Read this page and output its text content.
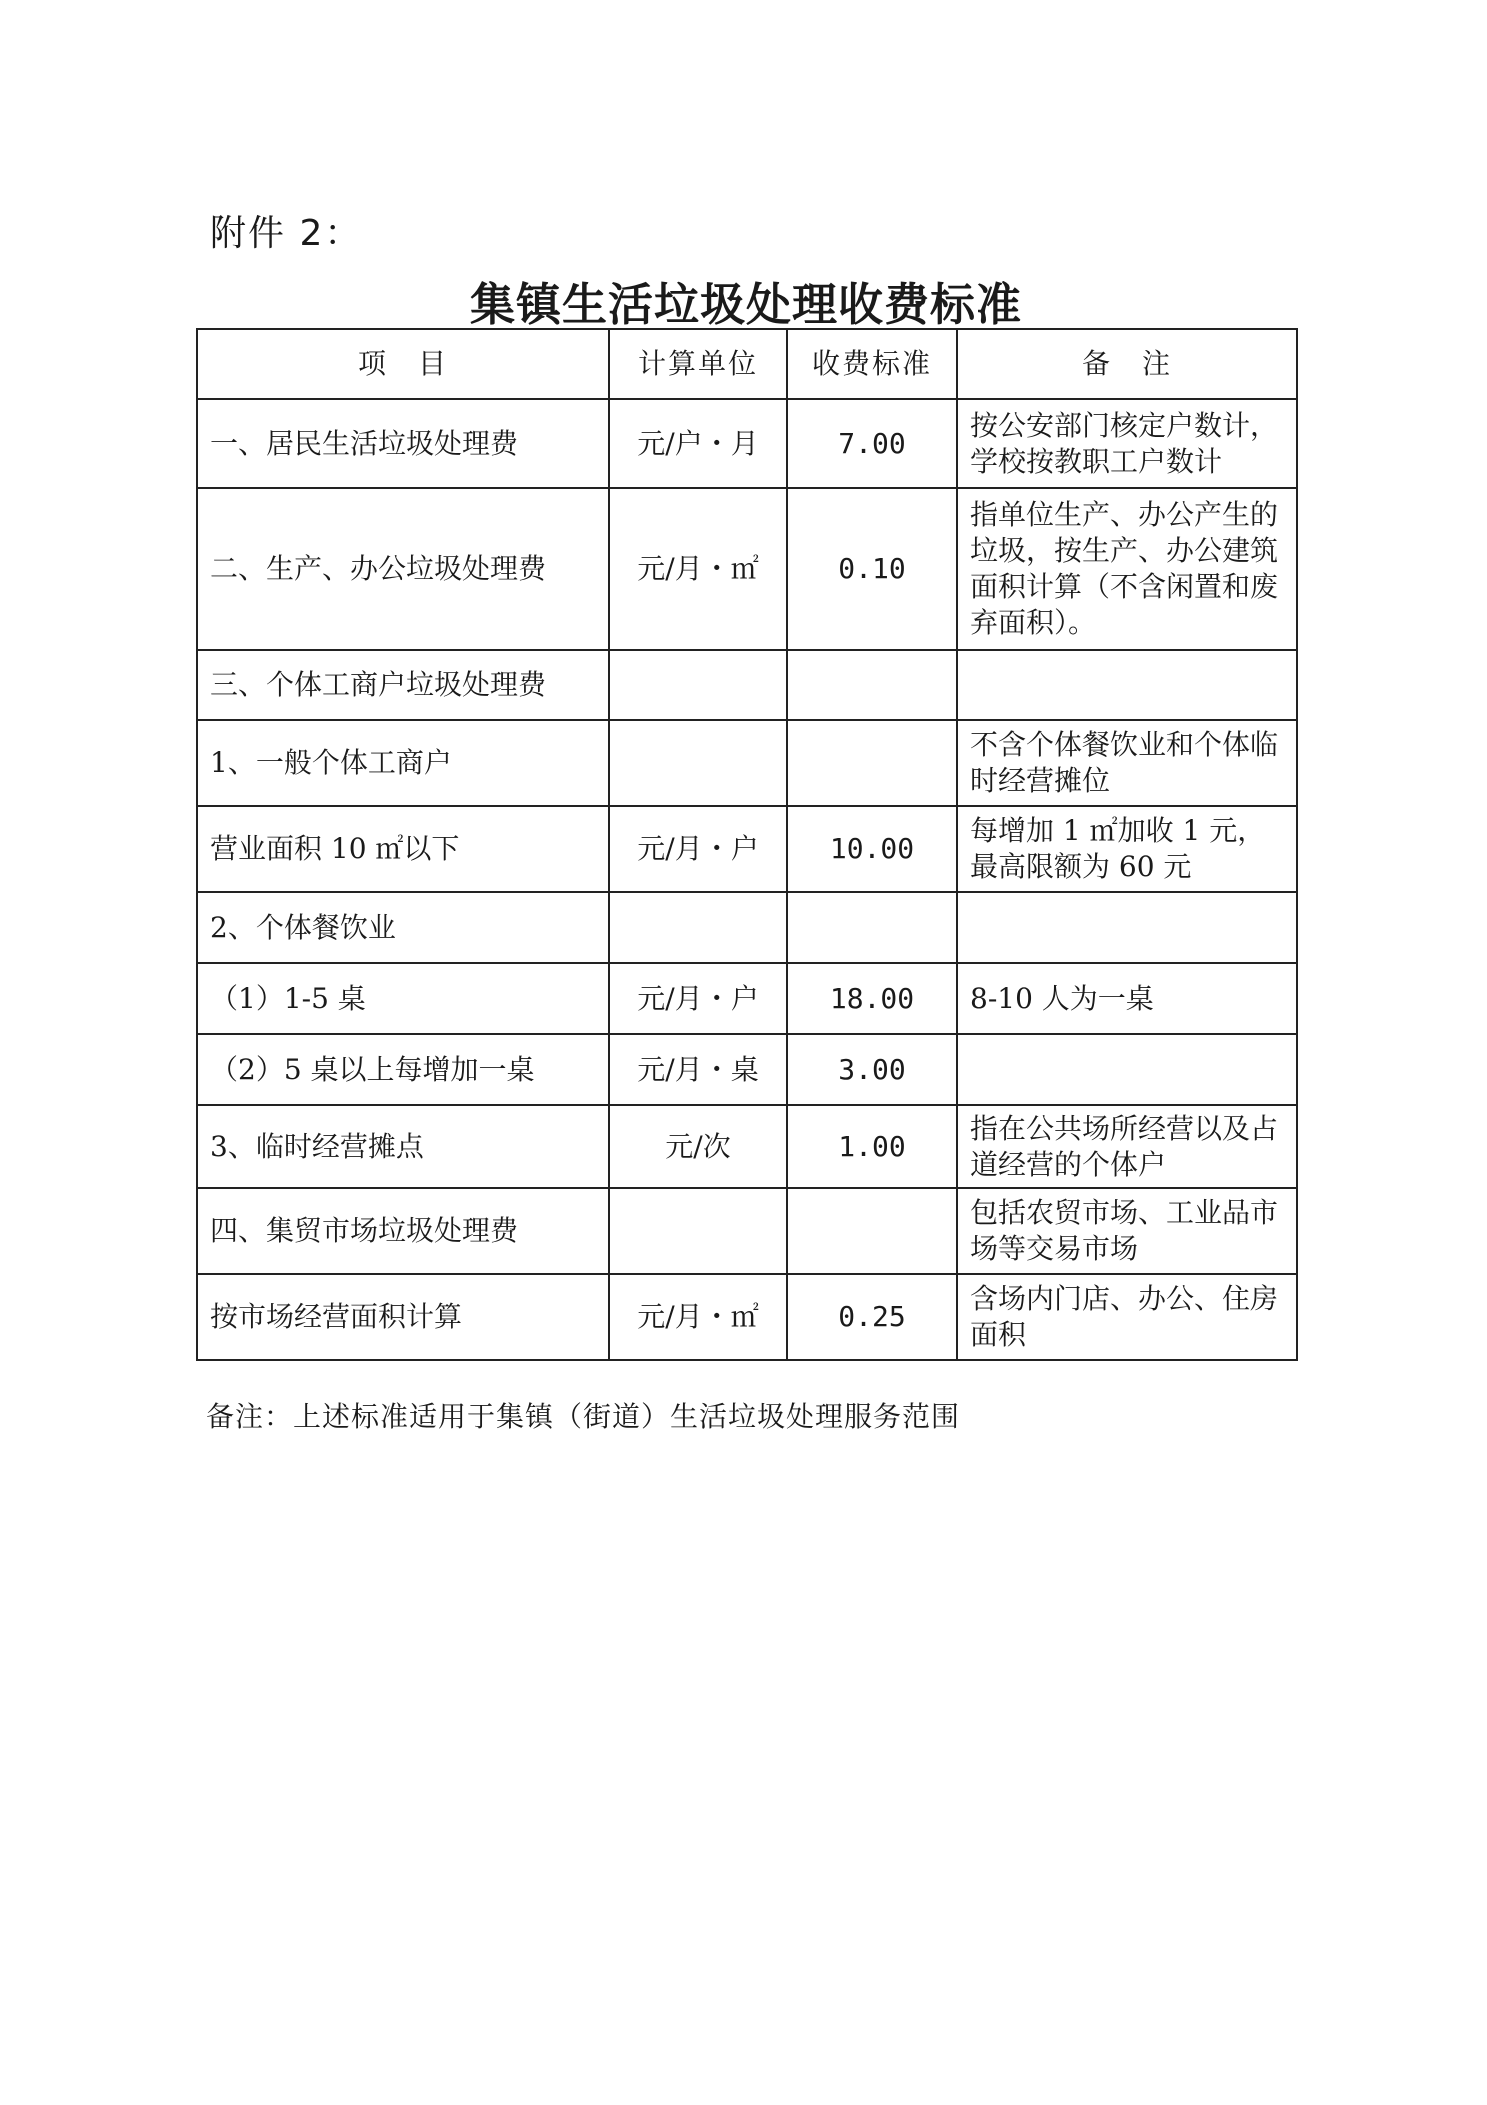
附件 2：
集镇生活垃圾处理收费标准
项　目	计算单位	收费标准	备　注
一、居民生活垃圾处理费	元/户・月	7.00	按公安部门核定户数计，学校按教职工户数计
二、生产、办公垃圾处理费	元/月・㎡	0.10	指单位生产、办公产生的垃圾，按生产、办公建筑面积计算（不含闲置和废弃面积）。
三、个体工商户垃圾处理费			
1、一般个体工商户			不含个体餐饮业和个体临时经营摊位
营业面积 10 ㎡以下	元/月・户	10.00	每增加 1 ㎡加收 1 元，最高限额为 60 元
2、个体餐饮业			
（1）1-5 桌	元/月・户	18.00	8-10 人为一桌
（2）5 桌以上每增加一桌	元/月・桌	3.00	
3、临时经营摊点	元/次	1.00	指在公共场所经营以及占道经营的个体户
四、集贸市场垃圾处理费			包括农贸市场、工业品市场等交易市场
按市场经营面积计算	元/月・㎡	0.25	含场内门店、办公、住房面积
备注：上述标准适用于集镇（街道）生活垃圾处理服务范围
